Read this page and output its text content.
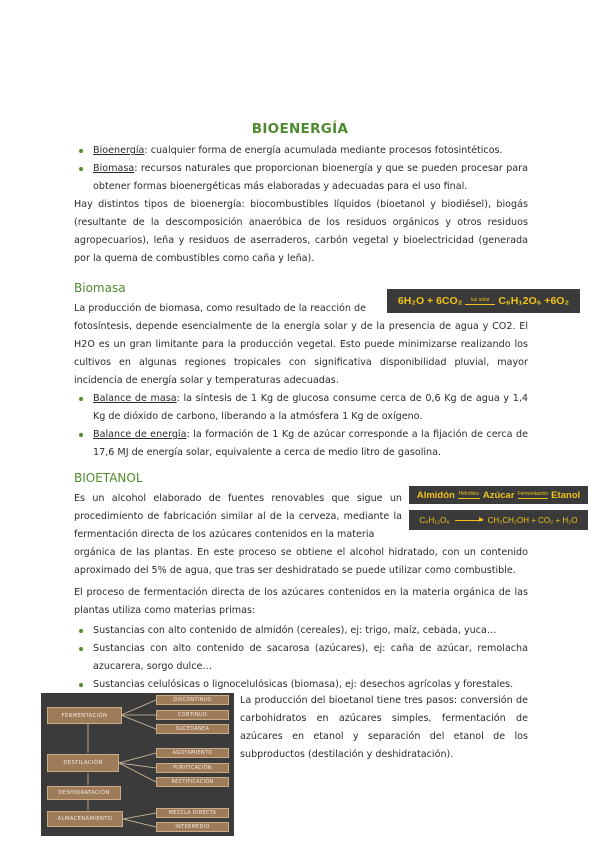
BIOENERGÍA
Bioenergía: cualquier forma de energía acumulada mediante procesos fotosintéticos.
Biomasa: recursos naturales que proporcionan bioenergía y que se pueden procesar para obtener formas bioenergéticas más elaboradas y adecuadas para el uso final.
Hay distintos tipos de bioenergía: biocombustibles líquidos (bioetanol y biodiésel), biogás (resultante de la descomposición anaeróbica de los residuos orgánicos y otros residuos agropecuarios), leña y residuos de aserraderos, carbón vegetal y bioelectricidad (generada por la quema de combustibles como caña y leña).
Biomasa
La producción de biomasa, como resultado de la reacción de
fotosíntesis, depende esencialmente de la energía solar y de la presencia de agua y CO2. El H2O es un gran limitante para la producción vegetal. Esto puede minimizarse realizando los cultivos en algunas regiones tropicales con significativa disponibilidad pluvial, mayor incidencia de energía solar y temperaturas adecuadas.
Balance de masa: la síntesis de 1 Kg de glucosa consume cerca de 0,6 Kg de agua y 1,4 Kg de dióxido de carbono, liberando a la atmósfera 1 Kg de oxígeno.
Balance de energía: la formación de 1 Kg de azúcar corresponde a la fijación de cerca de 17,6 MJ de energía solar, equivalente a cerca de medio litro de gasolina.
6H₂O + 6CO₂ luz solar C₆H₁2O₆ +6O₂
BIOETANOL
Es un alcohol elaborado de fuentes renovables que sigue un procedimiento de fabricación similar al de la cerveza, mediante la fermentación directa de los azúcares contenidos en la materia
orgánica de las plantas. En este proceso se obtiene el alcohol hidratado, con un contenido aproximado del 5% de agua, que tras ser deshidratado se puede utilizar como combustible.
El proceso de fermentación directa de los azúcares contenidos en la materia orgánica de las plantas utiliza como materias primas:
Sustancias con alto contenido de almidón (cereales), ej: trigo, maíz, cebada, yuca…
Sustancias con alto contenido de sacarosa (azúcares), ej: caña de azúcar, remolacha azucarera, sorgo dulce…
Sustancias celulósicas o lignocelulósicas (biomasa), ej: desechos agrícolas y forestales.
Almidón Hidrólisis Azúcar Fermentación Etanol
C₆H₁₂O₆	▶ CH₃CH₂OH + CO₂ + H₂O
FERMENTACIÓN
DESTILACIÓN
DESHIDRATACIÓN
ALMACENAMIENTO
DISCONTINUO
CONTINUO
SUCEDÁNEA
AGOTAMIENTO
PURIFICACIÓN
RECTIFICACIÓN
MEZCLA DIRECTA
INTERMEDIO
La producción del bioetanol tiene tres pasos: conversión de carbohidratos en azúcares simples, fermentación de azúcares en etanol y separación del etanol de los subproductos (destilación y deshidratación).
